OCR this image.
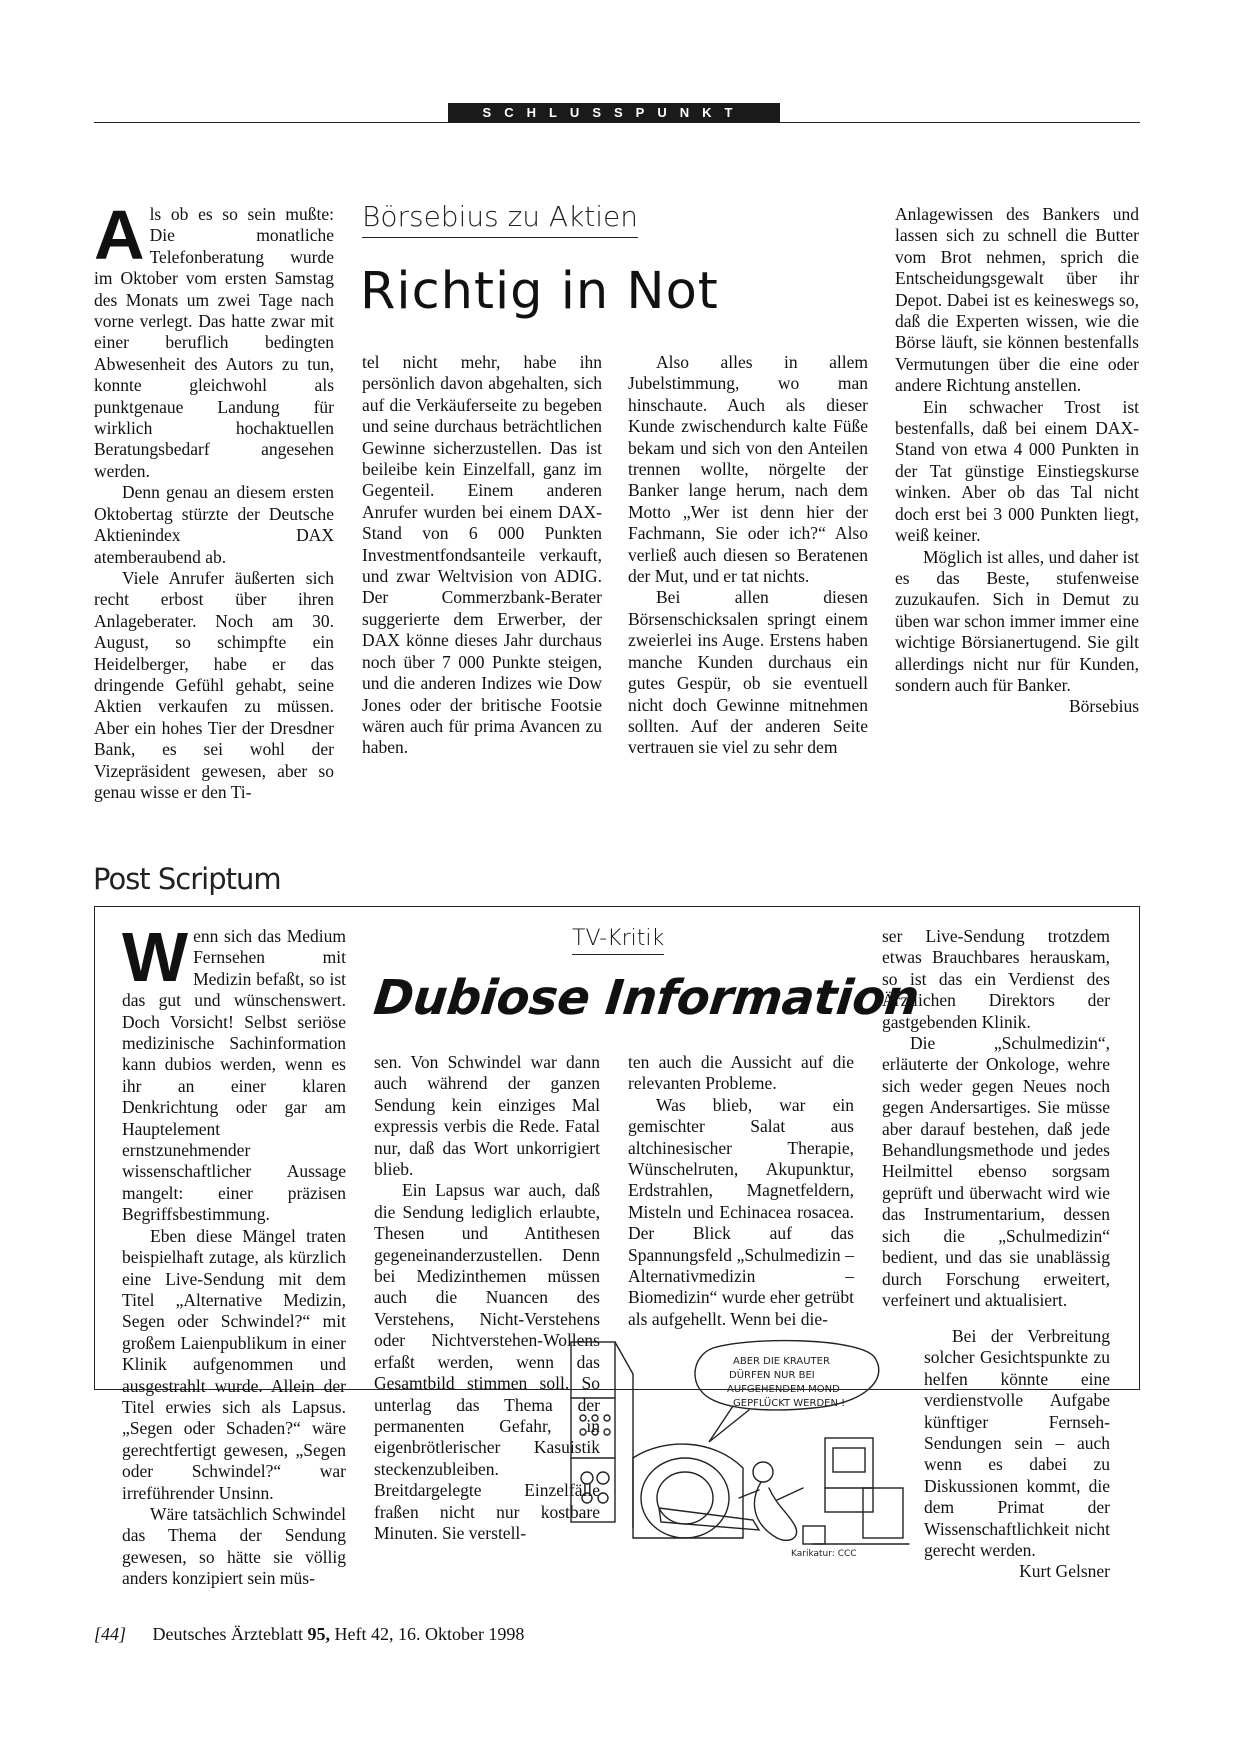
SCHLUSSPUNKT

Als ob es so sein mußte: Die monatliche Telefonberatung wurde im Oktober vom ersten Samstag des Monats um zwei Tage nach vorne verlegt. Das hatte zwar mit einer beruflich bedingten Abwesenheit des Autors zu tun, konnte gleichwohl als punktgenaue Landung für wirklich hochaktuellen Beratungsbedarf angesehen werden.

Denn genau an diesem ersten Oktobertag stürzte der Deutsche Aktienindex DAX atemberaubend ab.

Viele Anrufer äußerten sich recht erbost über ihren Anlageberater. Noch am 30. August, so schimpfte ein Heidelberger, habe er das dringende Gefühl gehabt, seine Aktien verkaufen zu müssen. Aber ein hohes Tier der Dresdner Bank, es sei wohl der Vizepräsident gewesen, aber so genau wisse er den Ti-

Börsebius zu Aktien
Richtig in Not

tel nicht mehr, habe ihn persönlich davon abgehalten, sich auf die Verkäuferseite zu begeben und seine durchaus beträchtlichen Gewinne sicherzustellen. Das ist beileibe kein Einzelfall, ganz im Gegenteil. Einem anderen Anrufer wurden bei einem DAX-Stand von 6 000 Punkten Investmentfondsanteile verkauft, und zwar Weltvision von ADIG. Der Commerzbank-Berater suggerierte dem Erwerber, der DAX könne dieses Jahr durchaus noch über 7 000 Punkte steigen, und die anderen Indizes wie Dow Jones oder der britische Footsie wären auch für prima Avancen zu haben.

Also alles in allem Jubelstimmung, wo man hinschaute. Auch als dieser Kunde zwischendurch kalte Füße bekam und sich von den Anteilen trennen wollte, nörgelte der Banker lange herum, nach dem Motto „Wer ist denn hier der Fachmann, Sie oder ich?“ Also verließ auch diesen so Beratenen der Mut, und er tat nichts.

Bei allen diesen Börsenschicksalen springt einem zweierlei ins Auge. Erstens haben manche Kunden durchaus ein gutes Gespür, ob sie eventuell nicht doch Gewinne mitnehmen sollten. Auf der anderen Seite vertrauen sie viel zu sehr dem

Anlagewissen des Bankers und lassen sich zu schnell die Butter vom Brot nehmen, sprich die Entscheidungsgewalt über ihr Depot. Dabei ist es keineswegs so, daß die Experten wissen, wie die Börse läuft, sie können bestenfalls Vermutungen über die eine oder andere Richtung anstellen.

Ein schwacher Trost ist bestenfalls, daß bei einem DAX-Stand von etwa 4 000 Punkten in der Tat günstige Einstiegskurse winken. Aber ob das Tal nicht doch erst bei 3 000 Punkten liegt, weiß keiner.

Möglich ist alles, und daher ist es das Beste, stufenweise zuzukaufen. Sich in Demut zu üben war schon immer immer eine wichtige Börsianertugend. Sie gilt allerdings nicht nur für Kunden, sondern auch für Banker.

Börsebius
Post Scriptum

Wenn sich das Medium Fernsehen mit Medizin befaßt, so ist das gut und wünschenswert. Doch Vorsicht! Selbst seriöse medizinische Sachinformation kann dubios werden, wenn es ihr an einer klaren Denkrichtung oder gar am Hauptelement ernstzunehmender wissenschaftlicher Aussage mangelt: einer präzisen Begriffsbestimmung.

Eben diese Mängel traten beispielhaft zutage, als kürzlich eine Live-Sendung mit dem Titel „Alternative Medizin, Segen oder Schwindel?“ mit großem Laienpublikum in einer Klinik aufgenommen und ausgestrahlt wurde. Allein der Titel erwies sich als Lapsus. „Segen oder Schaden?“ wäre gerechtfertigt gewesen, „Segen oder Schwindel?“ war irreführender Unsinn.

Wäre tatsächlich Schwindel das Thema der Sendung gewesen, so hätte sie völlig anders konzipiert sein müs-

TV-Kritik
Dubiose Information

sen. Von Schwindel war dann auch während der ganzen Sendung kein einziges Mal expressis verbis die Rede. Fatal nur, daß das Wort unkorrigiert blieb.

Ein Lapsus war auch, daß die Sendung lediglich erlaubte, Thesen und Antithesen gegeneinanderzustellen. Denn bei Medizinthemen müssen auch die Nuancen des Verstehens, Nicht-Verstehens oder Nichtverstehen-Wollens erfaßt werden, wenn das Gesamtbild stimmen soll. So unterlag das Thema der permanenten Gefahr, in eigenbrötlerischer Kasuistik steckenzubleiben. Breitdargelegte Einzelfälle fraßen nicht nur kostbare Minuten. Sie verstell-

ten auch die Aussicht auf die relevanten Probleme.

Was blieb, war ein gemischter Salat aus altchinesischer Therapie, Wünschelruten, Akupunktur, Erdstrahlen, Magnetfeldern, Misteln und Echinacea rosacea. Der Blick auf das Spannungsfeld „Schulmedizin – Alternativmedizin – Biomedizin“ wurde eher getrübt als aufgehellt. Wenn bei die-

ser Live-Sendung trotzdem etwas Brauchbares herauskam, so ist das ein Verdienst des Ärztlichen Direktors der gastgebenden Klinik.

Die „Schulmedizin“, erläuterte der Onkologe, wehre sich weder gegen Neues noch gegen Andersartiges. Sie müsse aber darauf bestehen, daß jede Behandlungsmethode und jedes Heilmittel ebenso sorgsam geprüft und überwacht wird wie das Instrumentarium, dessen sich die „Schulmedizin“ bedient, und das sie unablässig durch Forschung erweitert, verfeinert und aktualisiert.

Bei der Verbreitung solcher Gesichtspunkte zu helfen könnte eine verdienstvolle Aufgabe künftiger Fernseh-Sendungen sein – auch wenn es dabei zu Diskussionen kommt, die dem Primat der Wissenschaftlichkeit nicht gerecht werden.

Kurt Gelsner
ABER DIE KRAUTER
DÜRFEN NUR BEI
AUFGEHENDEM MOND
GEPFLÜCKT WERDEN !
Karikatur: CCC
[44] Deutsches Ärzteblatt 95, Heft 42, 16. Oktober 1998
